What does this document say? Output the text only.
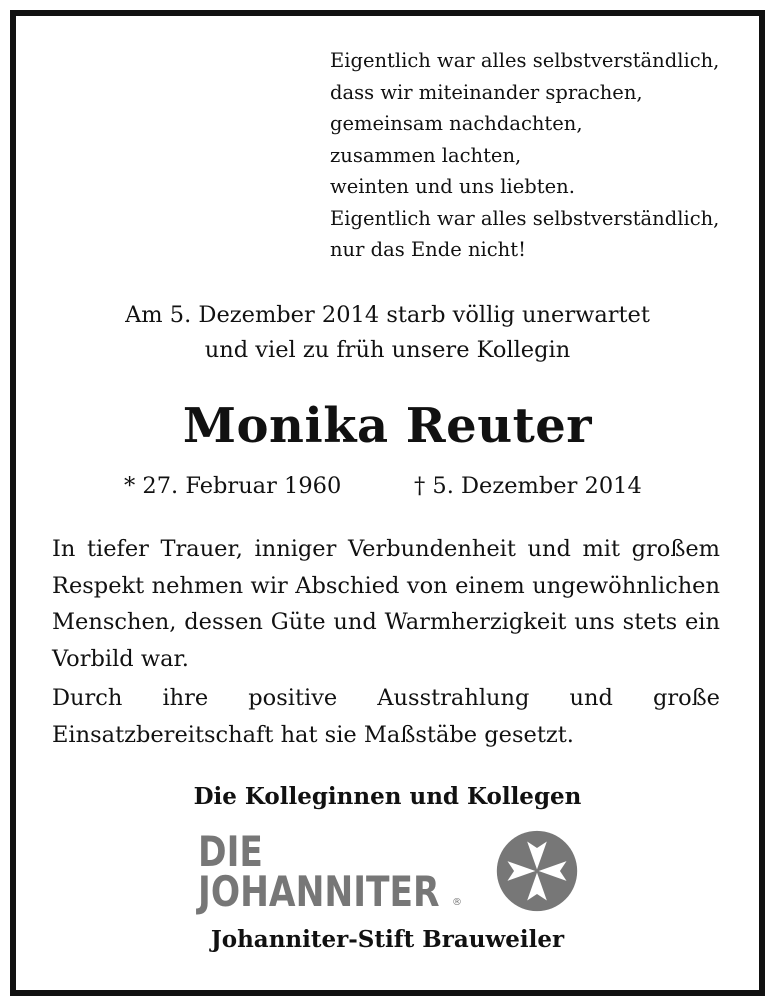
Eigentlich war alles selbstverständlich,
dass wir miteinander sprachen,
gemeinsam nachdachten,
zusammen lachten,
weinten und uns liebten.
Eigentlich war alles selbstverständlich,
nur das Ende nicht!
Am 5. Dezember 2014 starb völlig unerwartet
und viel zu früh unsere Kollegin
Monika Reuter
* 27. Februar 1960	† 5. Dezember 2014
In tiefer Trauer, inniger Verbundenheit und mit großem Respekt nehmen wir Abschied von einem ungewöhnlichen Menschen, dessen Güte und Warmherzigkeit uns stets ein Vorbild war.
Durch ihre positive Ausstrahlung und große Einsatzbereitschaft hat sie Maßstäbe gesetzt.
Die Kolleginnen und Kollegen
DIE
JOHANNITER ®
Johanniter-Stift Brauweiler
